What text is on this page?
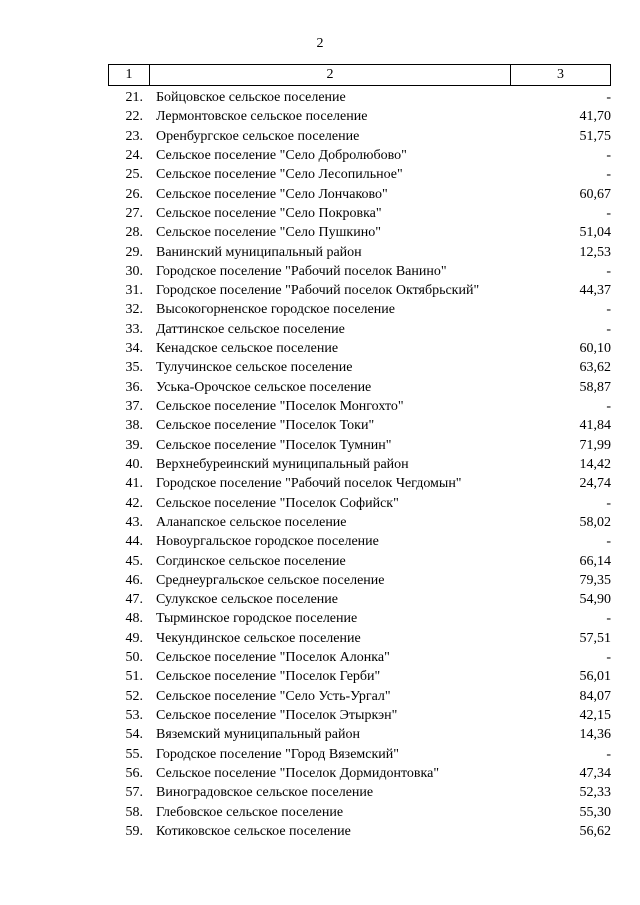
2
1	2	3
21. Бойцовское сельское поселение	-
22. Лермонтовское сельское поселение	41,70
23. Оренбургское сельское поселение	51,75
24. Сельское поселение "Село Добролюбово"	-
25. Сельское поселение "Село Лесопильное"	-
26. Сельское поселение "Село Лончаково"	60,67
27. Сельское поселение "Село Покровка"	-
28. Сельское поселение "Село Пушкино"	51,04
29. Ванинский муниципальный район	12,53
30. Городское поселение "Рабочий поселок Ванино"	-
31. Городское поселение "Рабочий поселок Октябрьский"	44,37
32. Высокогорненское городское поселение	-
33. Даттинское сельское поселение	-
34. Кенадское сельское поселение	60,10
35. Тулучинское сельское поселение	63,62
36. Уська-Орочское сельское поселение	58,87
37. Сельское поселение "Поселок Монгохто"	-
38. Сельское поселение "Поселок Токи"	41,84
39. Сельское поселение "Поселок Тумнин"	71,99
40. Верхнебуреинский муниципальный район	14,42
41. Городское поселение "Рабочий поселок Чегдомын"	24,74
42. Сельское поселение "Поселок Софийск"	-
43. Аланапское сельское поселение	58,02
44. Новоургальское городское поселение	-
45. Согдинское сельское поселение	66,14
46. Среднеургальское сельское поселение	79,35
47. Сулукское сельское поселение	54,90
48. Тырминское городское поселение	-
49. Чекундинское сельское поселение	57,51
50. Сельское поселение "Поселок Алонка"	-
51. Сельское поселение "Поселок Герби"	56,01
52. Сельское поселение "Село Усть-Ургал"	84,07
53. Сельское поселение "Поселок Этыркэн"	42,15
54. Вяземский муниципальный район	14,36
55. Городское поселение "Город Вяземский"	-
56. Сельское поселение "Поселок Дормидонтовка"	47,34
57. Виноградовское сельское поселение	52,33
58. Глебовское сельское поселение	55,30
59. Котиковское сельское поселение	56,62
